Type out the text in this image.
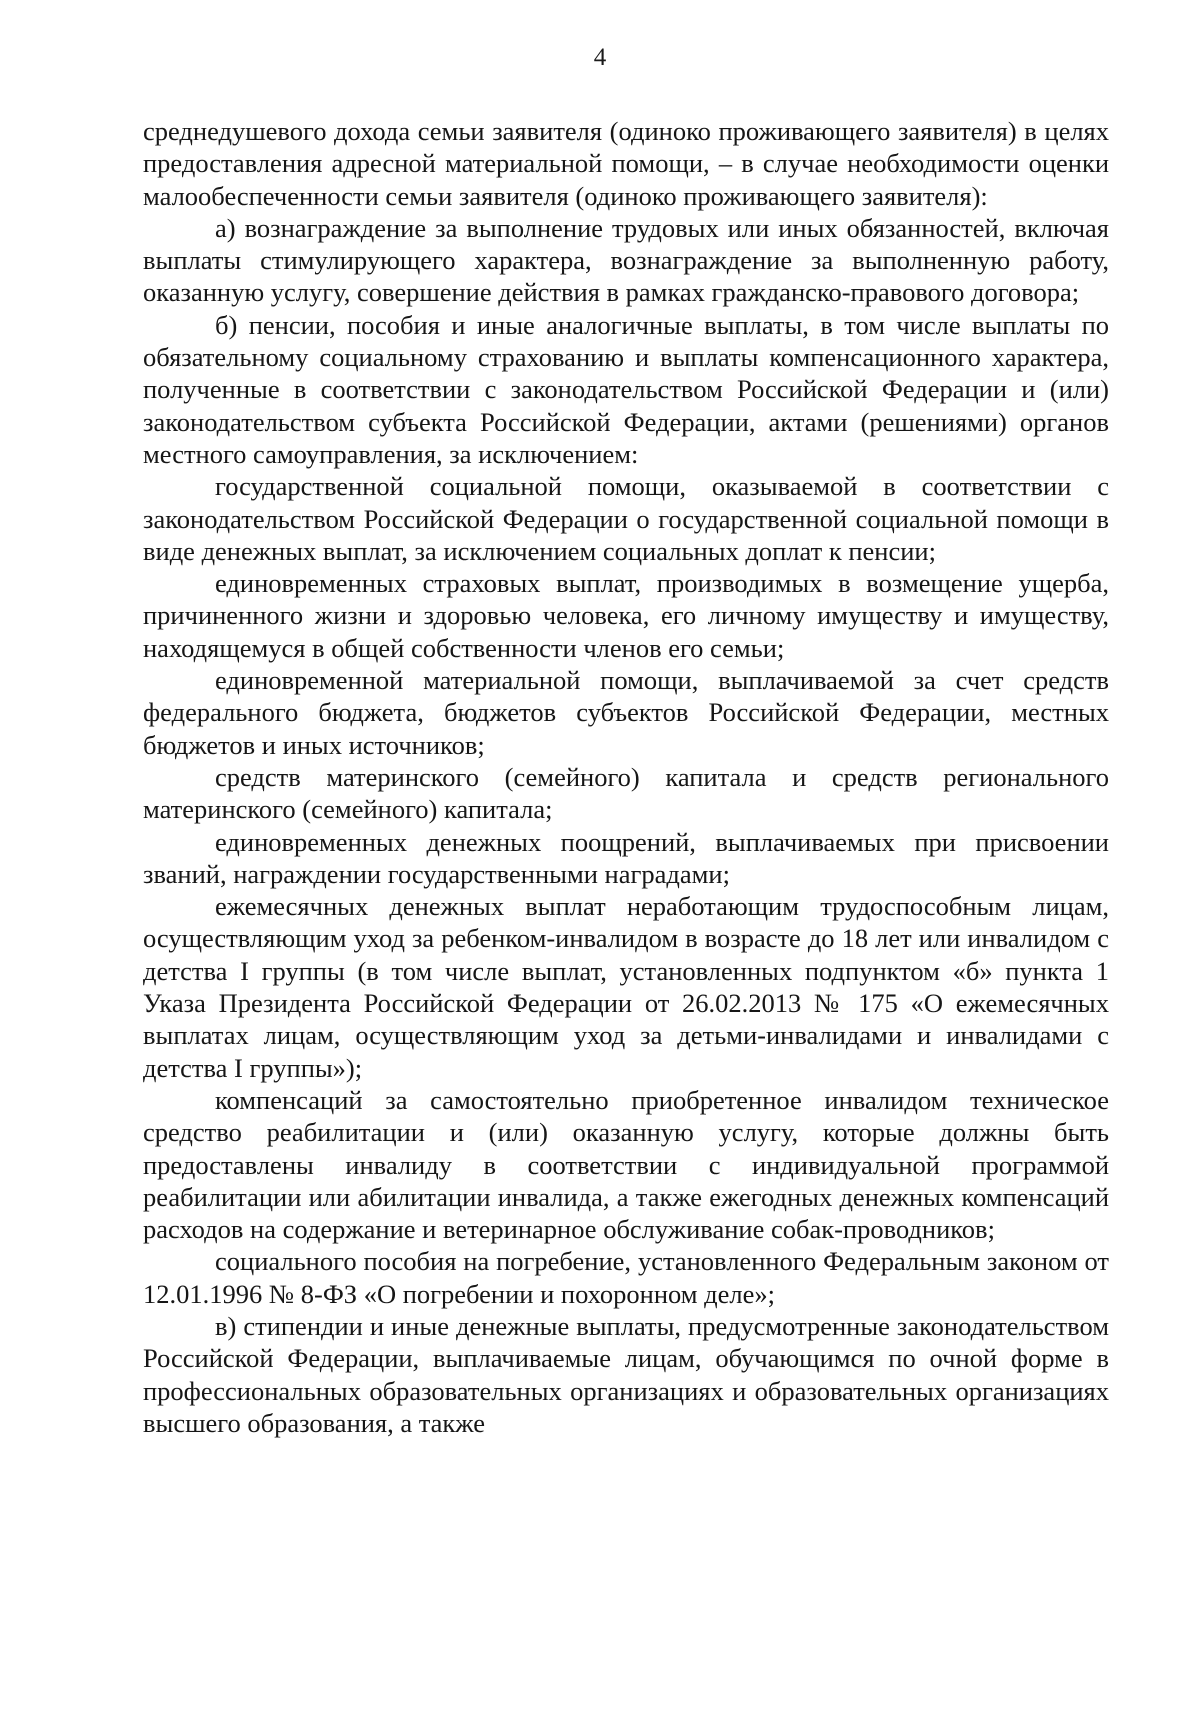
4

среднедушевого дохода семьи заявителя (одиноко проживающего заявителя) в целях предоставления адресной материальной помощи, – в случае необходимости оценки малообеспеченности семьи заявителя (одиноко проживающего заявителя):

а) вознаграждение за выполнение трудовых или иных обязанностей, включая выплаты стимулирующего характера, вознаграждение за выполненную работу, оказанную услугу, совершение действия в рамках гражданско-правового договора;

б) пенсии, пособия и иные аналогичные выплаты, в том числе выплаты по обязательному социальному страхованию и выплаты компенсационного характера, полученные в соответствии с законодательством Российской Федерации и (или) законодательством субъекта Российской Федерации, актами (решениями) органов местного самоуправления, за исключением:

государственной социальной помощи, оказываемой в соответствии с законодательством Российской Федерации о государственной социальной помощи в виде денежных выплат, за исключением социальных доплат к пенсии;

единовременных страховых выплат, производимых в возмещение ущерба, причиненного жизни и здоровью человека, его личному имуществу и имуществу, находящемуся в общей собственности членов его семьи;

единовременной материальной помощи, выплачиваемой за счет средств федерального бюджета, бюджетов субъектов Российской Федерации, местных бюджетов и иных источников;

средств материнского (семейного) капитала и средств регионального материнского (семейного) капитала;

единовременных денежных поощрений, выплачиваемых при присвоении званий, награждении государственными наградами;

ежемесячных денежных выплат неработающим трудоспособным лицам, осуществляющим уход за ребенком-инвалидом в возрасте до 18 лет или инвалидом с детства I группы (в том числе выплат, установленных подпунктом «б» пункта 1 Указа Президента Российской Федерации от 26.02.2013 № 175 «О ежемесячных выплатах лицам, осуществляющим уход за детьми-инвалидами и инвалидами с детства I группы»);

компенсаций за самостоятельно приобретенное инвалидом техническое средство реабилитации и (или) оказанную услугу, которые должны быть предоставлены инвалиду в соответствии с индивидуальной программой реабилитации или абилитации инвалида, а также ежегодных денежных компенсаций расходов на содержание и ветеринарное обслуживание собак-проводников;

социального пособия на погребение, установленного Федеральным законом от 12.01.1996 № 8-ФЗ «О погребении и похоронном деле»;

в) стипендии и иные денежные выплаты, предусмотренные законодательством Российской Федерации, выплачиваемые лицам, обучающимся по очной форме в профессиональных образовательных организациях и образовательных организациях высшего образования, а также
